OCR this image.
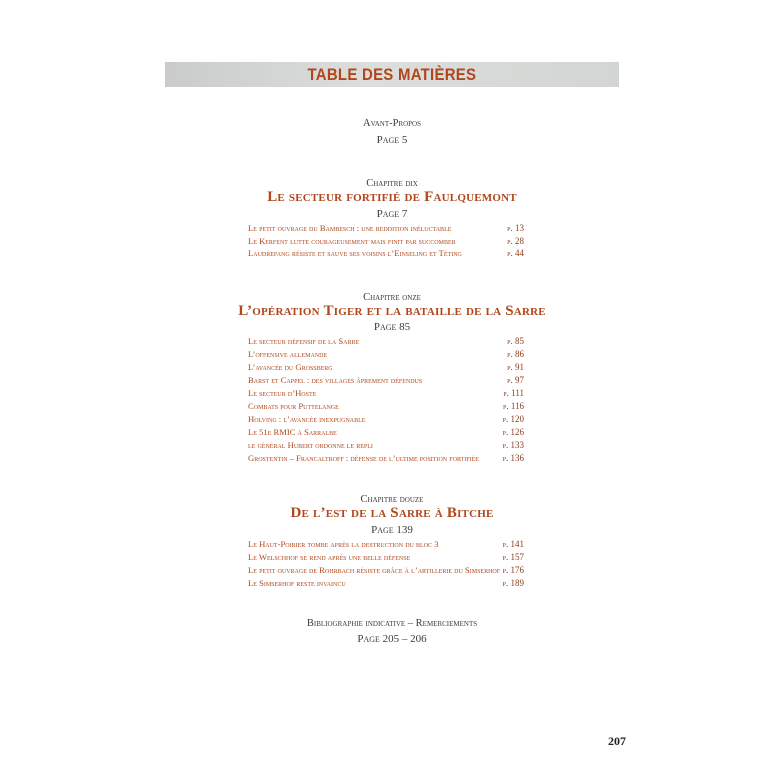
TABLE DES MATIÈRES
Avant-Propos
Page 5
Chapitre dix
Le secteur fortifié de Faulquemont
Page 7
Le petit ouvrage du Bambesch : une reddition inéluctable	p. 13
Le Kerfent lutte courageusement mais finit par succomber	p. 28
Laudrefang résiste et sauve ses voisins l’Einseling et Téting	p. 44
Chapitre onze
L’opération Tiger et la bataille de la Sarre
Page 85
Le secteur défensif de la Sarre	p. 85
L’offensive allemande	p. 86
L’avancée du Grossberg	p. 91
Barst et Cappel : des villages âprement défendus	p. 97
Le secteur d’Hoste	p. 111
Combats pour Puttelange	p. 116
Holving : l’avancée inexpugnable	p. 120
Le 51e RMIC à Sarralbe	p. 126
le général Hubert ordonne le repli	p. 133
Grostentin – Francaltroff : défense de l’ultime position fortifiée	p. 136
Chapitre douze
De l’est de la Sarre à Bitche
Page 139
Le Haut-Poirier tombe après la destruction du bloc 3	p. 141
Le Welschhof se rend après une belle défense	p. 157
Le petit ouvrage de Rohrbach résiste grâce à l’artillerie du Simserhof p. 176
Le Simserhof reste invaincu	p. 189
Bibliographie indicative – Remerciements
Page 205 – 206
207
